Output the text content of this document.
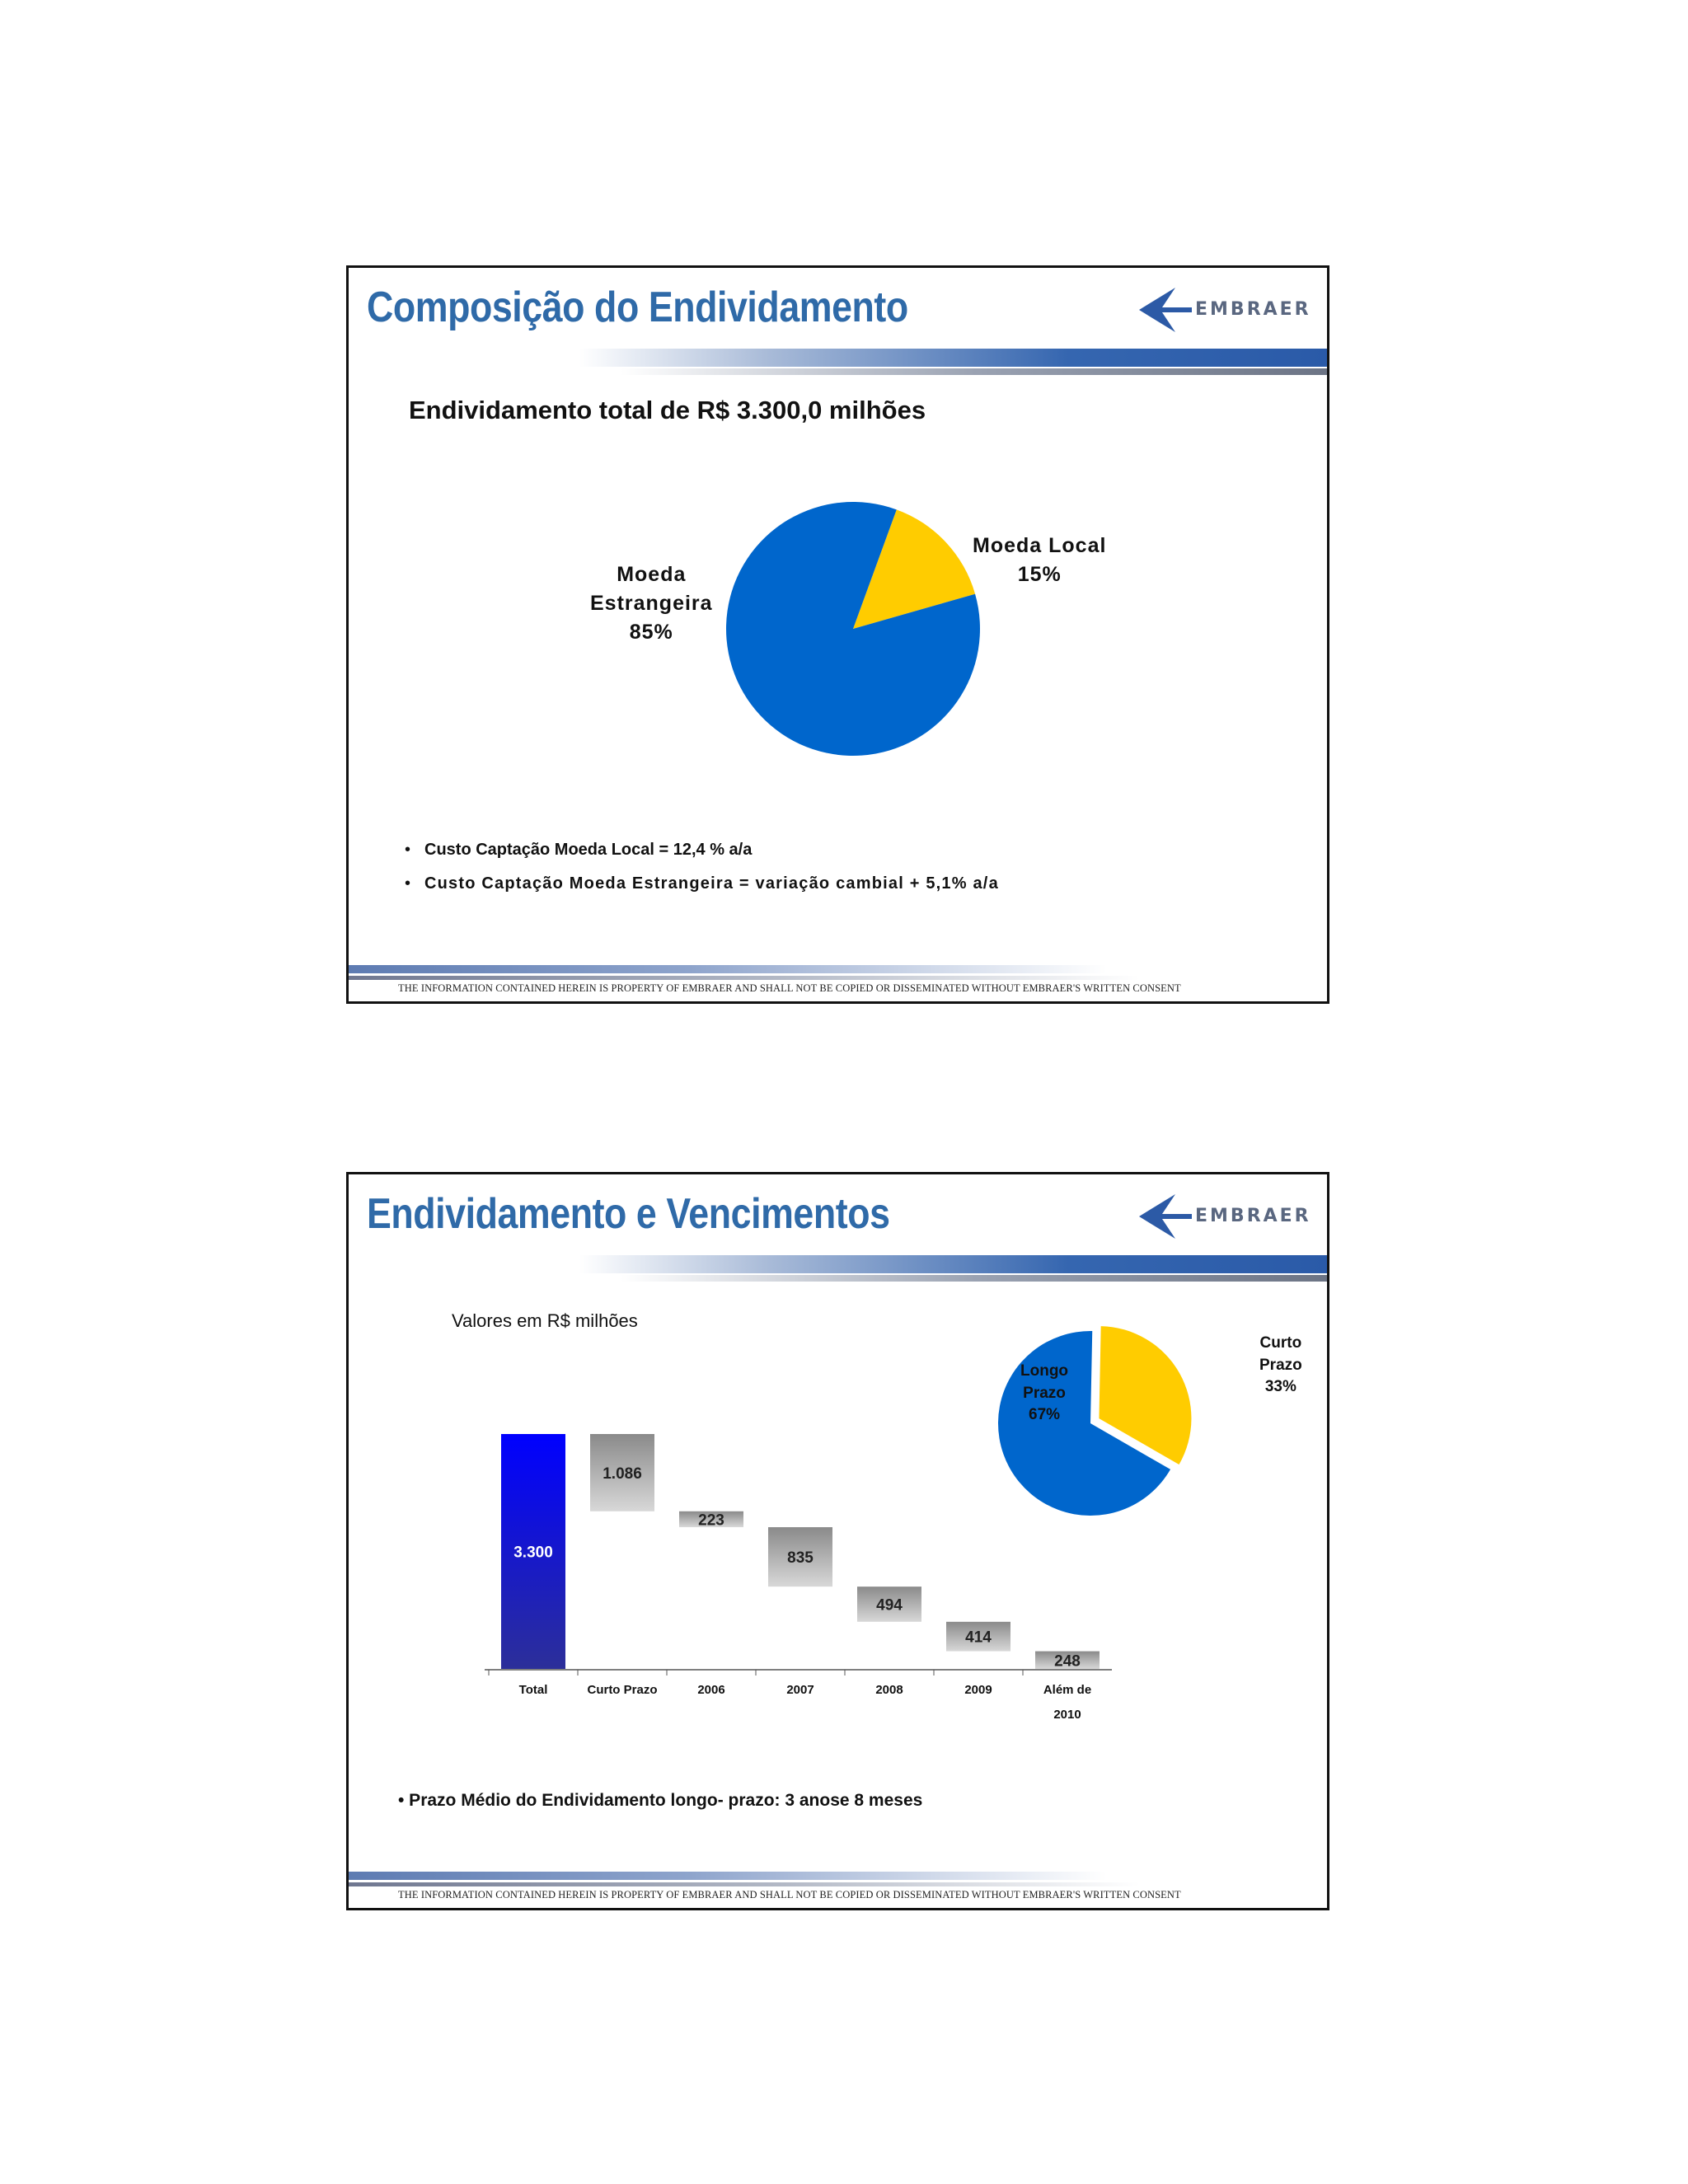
Composição do Endividamento	EMBRAER
Endividamento total de R$ 3.300,0 milhões
Moeda
Estrangeira
85%
Moeda Local
15%
• Custo Captação Moeda Local = 12,4 % a/a
• Custo Captação Moeda Estrangeira = variação cambial + 5,1% a/a
THE INFORMATION CONTAINED HEREIN IS PROPERTY OF EMBRAER AND SHALL NOT BE COPIED OR DISSEMINATED WITHOUT EMBRAER'S WRITTEN CONSENT
Endividamento e Vencimentos	EMBRAER
Valores em R$ milhões
3.300
Total
1.086
Curto Prazo
223
2006
835
2007
494
2008
414
2009
248
Além de
2010
Longo
Prazo
67%
Curto
Prazo
33%
• Prazo Médio do Endividamento longo- prazo: 3 anose 8 meses
THE INFORMATION CONTAINED HEREIN IS PROPERTY OF EMBRAER AND SHALL NOT BE COPIED OR DISSEMINATED WITHOUT EMBRAER'S WRITTEN CONSENT
